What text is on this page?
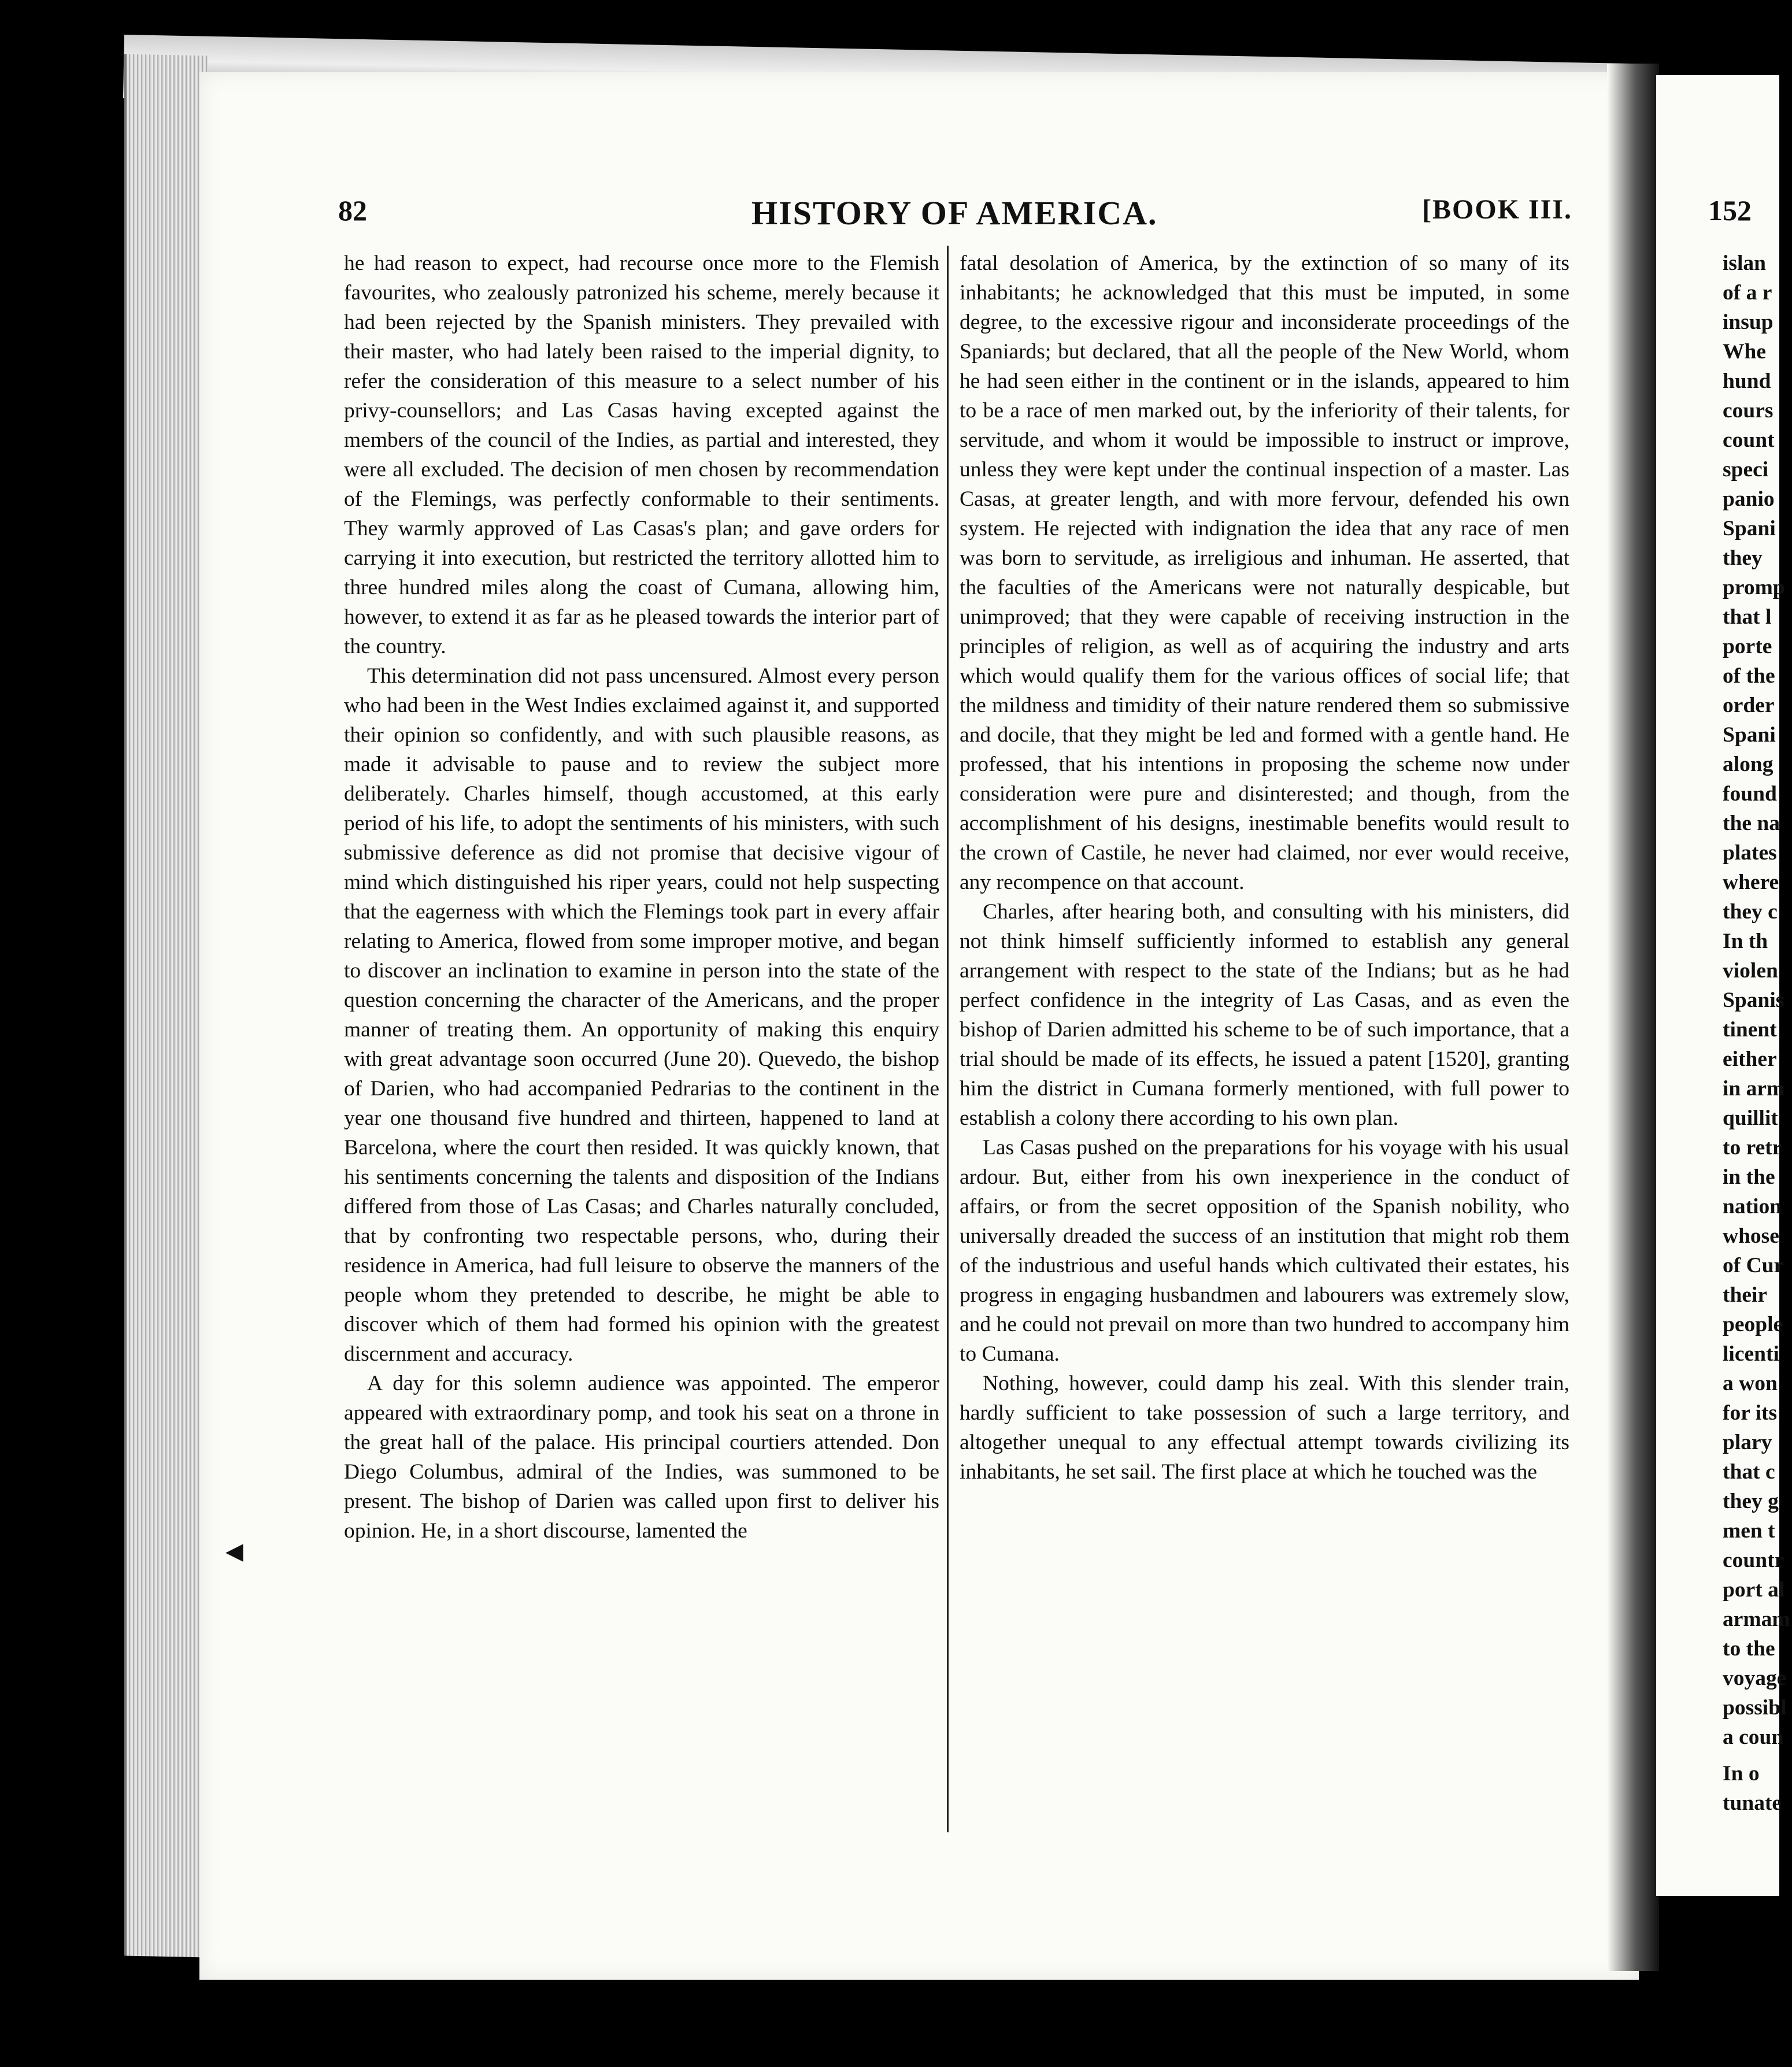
82	HISTORY OF AMERICA.	[BOOK III.	152

he had reason to expect, had recourse once more to the Flemish favourites, who zealously patronized his scheme, merely because it had been rejected by the Spanish ministers. They prevailed with their master, who had lately been raised to the imperial dignity, to refer the consideration of this measure to a select number of his privy-counsellors; and Las Casas having excepted against the members of the council of the Indies, as partial and interested, they were all excluded. The decision of men chosen by recommendation of the Flemings, was perfectly conformable to their sentiments. They warmly approved of Las Casas's plan; and gave orders for carrying it into execution, but restricted the territory allotted him to three hundred miles along the coast of Cumana, allowing him, however, to extend it as far as he pleased towards the interior part of the country.

This determination did not pass uncensured. Almost every person who had been in the West Indies exclaimed against it, and supported their opinion so confidently, and with such plausible reasons, as made it advisable to pause and to review the subject more deliberately. Charles himself, though accustomed, at this early period of his life, to adopt the sentiments of his ministers, with such submissive deference as did not promise that decisive vigour of mind which distinguished his riper years, could not help suspecting that the eagerness with which the Flemings took part in every affair relating to America, flowed from some improper motive, and began to discover an inclination to examine in person into the state of the question concerning the character of the Americans, and the proper manner of treating them. An opportunity of making this enquiry with great advantage soon occurred (June 20). Quevedo, the bishop of Darien, who had accompanied Pedrarias to the continent in the year one thousand five hundred and thirteen, happened to land at Barcelona, where the court then resided. It was quickly known, that his sentiments concerning the talents and disposition of the Indians differed from those of Las Casas; and Charles naturally concluded, that by confronting two respectable persons, who, during their residence in America, had full leisure to observe the manners of the people whom they pretended to describe, he might be able to discover which of them had formed his opinion with the greatest discernment and accuracy.

A day for this solemn audience was appointed. The emperor appeared with extraordinary pomp, and took his seat on a throne in the great hall of the palace. His principal courtiers attended. Don Diego Columbus, admiral of the Indies, was summoned to be present. The bishop of Darien was called upon first to deliver his opinion. He, in a short discourse, lamented the

fatal desolation of America, by the extinction of so many of its inhabitants; he acknowledged that this must be imputed, in some degree, to the excessive rigour and inconsiderate proceedings of the Spaniards; but declared, that all the people of the New World, whom he had seen either in the continent or in the islands, appeared to him to be a race of men marked out, by the inferiority of their talents, for servitude, and whom it would be impossible to instruct or improve, unless they were kept under the continual inspection of a master. Las Casas, at greater length, and with more fervour, defended his own system. He rejected with indignation the idea that any race of men was born to servitude, as irreligious and inhuman. He asserted, that the faculties of the Americans were not naturally despicable, but unimproved; that they were capable of receiving instruction in the principles of religion, as well as of acquiring the industry and arts which would qualify them for the various offices of social life; that the mildness and timidity of their nature rendered them so submissive and docile, that they might be led and formed with a gentle hand. He professed, that his intentions in proposing the scheme now under consideration were pure and disinterested; and though, from the accomplishment of his designs, inestimable benefits would result to the crown of Castile, he never had claimed, nor ever would receive, any recompence on that account.

Charles, after hearing both, and consulting with his ministers, did not think himself sufficiently informed to establish any general arrangement with respect to the state of the Indians; but as he had perfect confidence in the integrity of Las Casas, and as even the bishop of Darien admitted his scheme to be of such importance, that a trial should be made of its effects, he issued a patent [1520], granting him the district in Cumana formerly mentioned, with full power to establish a colony there according to his own plan.

Las Casas pushed on the preparations for his voyage with his usual ardour. But, either from his own inexperience in the conduct of affairs, or from the secret opposition of the Spanish nobility, who universally dreaded the success of an institution that might rob them of the industrious and useful hands which cultivated their estates, his progress in engaging husbandmen and labourers was extremely slow, and he could not prevail on more than two hundred to accompany him to Cumana.

Nothing, however, could damp his zeal. With this slender train, hardly sufficient to take possession of such a large territory, and altogether unequal to any effectual attempt towards civilizing its inhabitants, he set sail. The first place at which he touched was the

islan
of a r
insup
Whe
hund
cours
count
speci
panio
Spani
they
promp
that l
porte
of the
order
Spani
along
found
the na
plates
where
they c
In th
violen
Spanis
tinent
either
in arm
quillit
to retr
in the
nation
whose
of Cur
their
people
licenti
a won
for its
plary
that c
they g
men t
countr
port al
armam
to the
voyage
possibl
a coun
In o
tunate
◀
